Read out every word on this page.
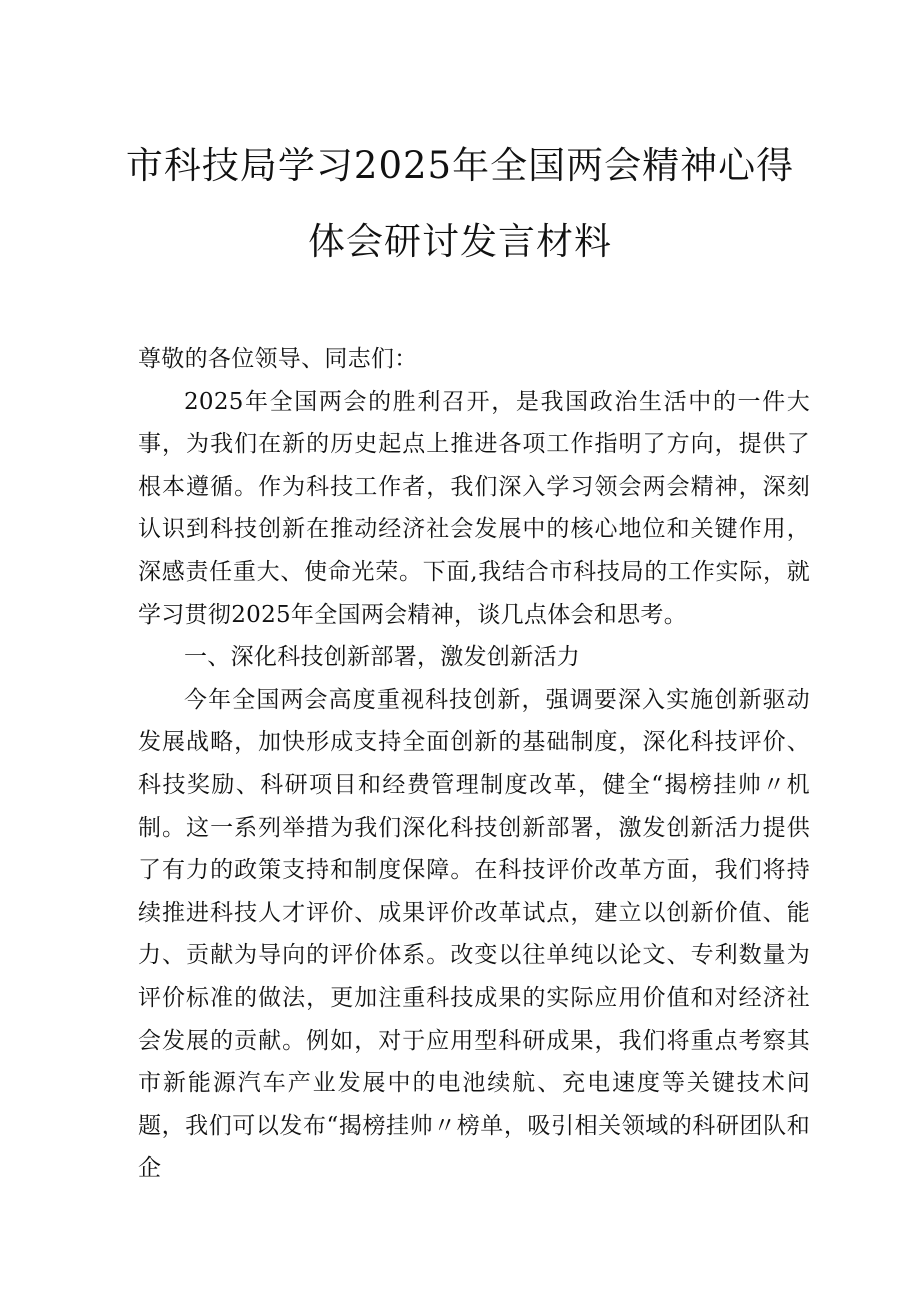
市科技局学习2025年全国两会精神心得
体会研讨发言材料

尊敬的各位领导、同志们：

2025年全国两会的胜利召开，是我国政治生活中的一件大事，为我们在新的历史起点上推进各项工作指明了方向，提供了根本遵循。作为科技工作者，我们深入学习领会两会精神，深刻认识到科技创新在推动经济社会发展中的核心地位和关键作用，深感责任重大、使命光荣。下面,我结合市科技局的工作实际，就学习贯彻2025年全国两会精神，谈几点体会和思考。

一、深化科技创新部署，激发创新活力

今年全国两会高度重视科技创新，强调要深入实施创新驱动发展战略，加快形成支持全面创新的基础制度，深化科技评价、科技奖励、科研项目和经费管理制度改革，健全“揭榜挂帅〃机制。这一系列举措为我们深化科技创新部署，激发创新活力提供了有力的政策支持和制度保障。在科技评价改革方面，我们将持续推进科技人才评价、成果评价改革试点，建立以创新价值、能力、贡献为导向的评价体系。改变以往单纯以论文、专利数量为评价标准的做法，更加注重科技成果的实际应用价值和对经济社会发展的贡献。例如，对于应用型科研成果，我们将重点考察其市新能源汽车产业发展中的电池续航、充电速度等关键技术问题，我们可以发布“揭榜挂帅〃榜单，吸引相关领域的科研团队和企
